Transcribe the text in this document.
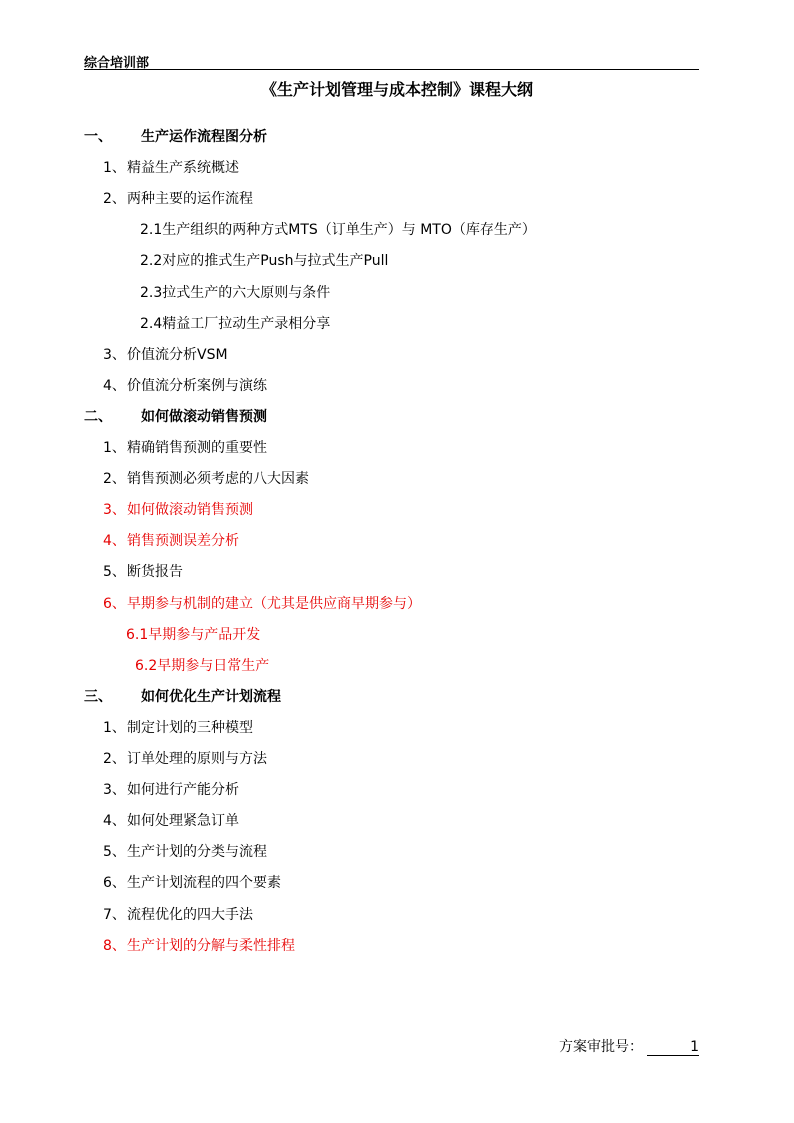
综合培训部
《生产计划管理与成本控制》课程大纲
一、 生产运作流程图分析
1、精益生产系统概述
2、两种主要的运作流程
2.1生产组织的两种方式MTS（订单生产）与 MTO（库存生产）
2.2对应的推式生产Push与拉式生产Pull
2.3拉式生产的六大原则与条件
2.4精益工厂拉动生产录相分享
3、价值流分析VSM
4、价值流分析案例与演练
二、 如何做滚动销售预测
1、精确销售预测的重要性
2、销售预测必须考虑的八大因素
3、如何做滚动销售预测
4、销售预测误差分析
5、断货报告
6、早期参与机制的建立（尤其是供应商早期参与）
6.1早期参与产品开发
6.2早期参与日常生产
三、 如何优化生产计划流程
1、制定计划的三种模型
2、订单处理的原则与方法
3、如何进行产能分析
4、如何处理紧急订单
5、生产计划的分类与流程
6、生产计划流程的四个要素
7、流程优化的四大手法
8、生产计划的分解与柔性排程
方案审批号：	1
